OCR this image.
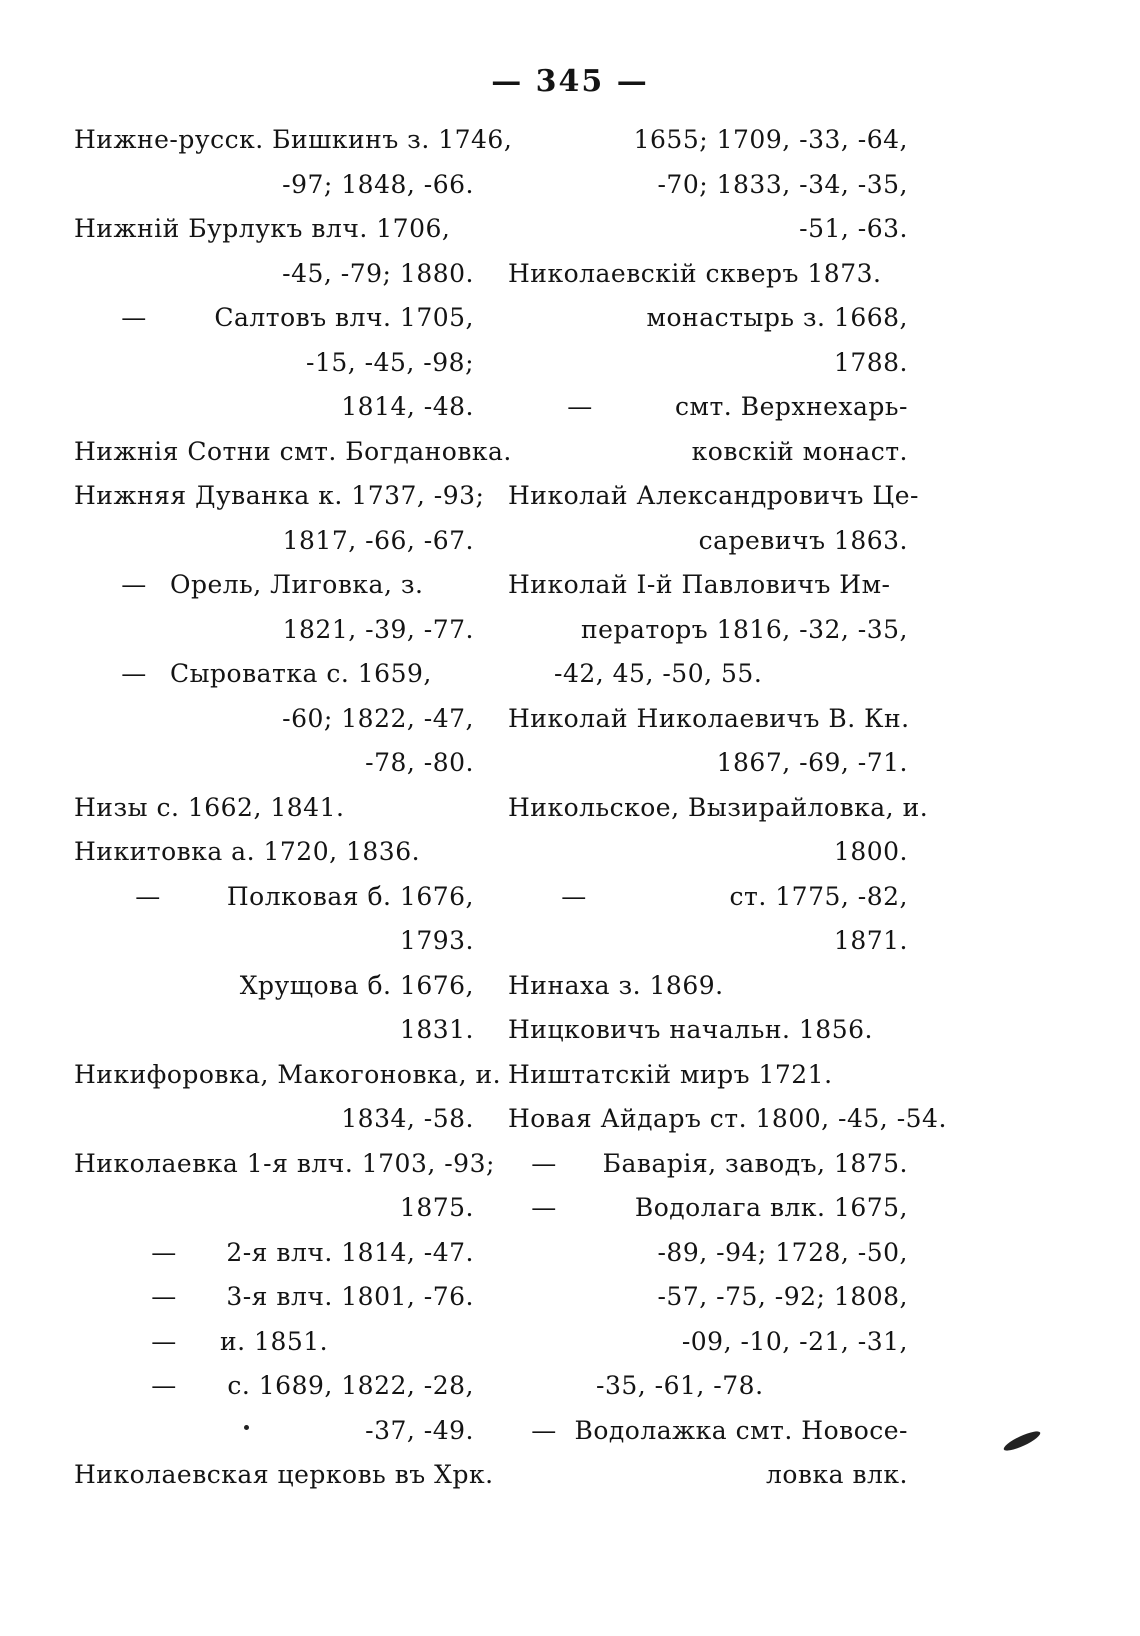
— 345 —
Нижне-русск. Бишкинъ з. 1746,
-97; 1848, -66.
Нижній Бурлукъ влч. 1706,
-45, -79; 1880.
—	Салтовъ влч. 1705,
-15, -45, -98;
1814, -48.
Нижнія Сотни смт. Богдановка.
Нижняя Дуванка к. 1737, -93;
1817, -66, -67.
— Орель, Лиговка, з.
1821, -39, -77.
— Сыроватка с. 1659,
-60; 1822, -47,
-78, -80.
Низы с. 1662, 1841.
Никитовка а. 1720, 1836.
—	Полковая б. 1676,
1793.
Хрущова б. 1676,
1831.
Никифоровка, Макогоновка, и.
1834, -58.
Николаевка 1-я влч. 1703, -93;
1875.
— 2-я влч. 1814, -47.
— 3-я влч. 1801, -76.
— и. 1851.
— с. 1689, 1822, -28,
-37, -49.
Николаевская церковь въ Хрк.
1655; 1709, -33, -64,
-70; 1833, -34, -35,
-51, -63.
Николаевскій скверъ 1873.
монастырь з. 1668,
1788.
—	смт. Верхнехарь-
ковскій монаст.
Николай Александровичъ Це-
саревичъ 1863.
Николай I-й Павловичъ Им-
ператоръ 1816, -32, -35,
-42, 45, -50, 55.
Николай Николаевичъ В. Кн.
1867, -69, -71.
Никольское, Вызирайловка, и.
1800.
—	ст. 1775, -82,
1871.
Нинаха з. 1869.
Ницковичъ начальн. 1856.
Ништатскій миръ 1721.
Новая Айдаръ ст. 1800, -45, -54.
— Баварія, заводъ, 1875.
—	Водолага влк. 1675,
-89, -94; 1728, -50,
-57, -75, -92; 1808,
-09, -10, -21, -31,
-35, -61, -78.
— Водолажка смт. Новосе-
ловка влк.
